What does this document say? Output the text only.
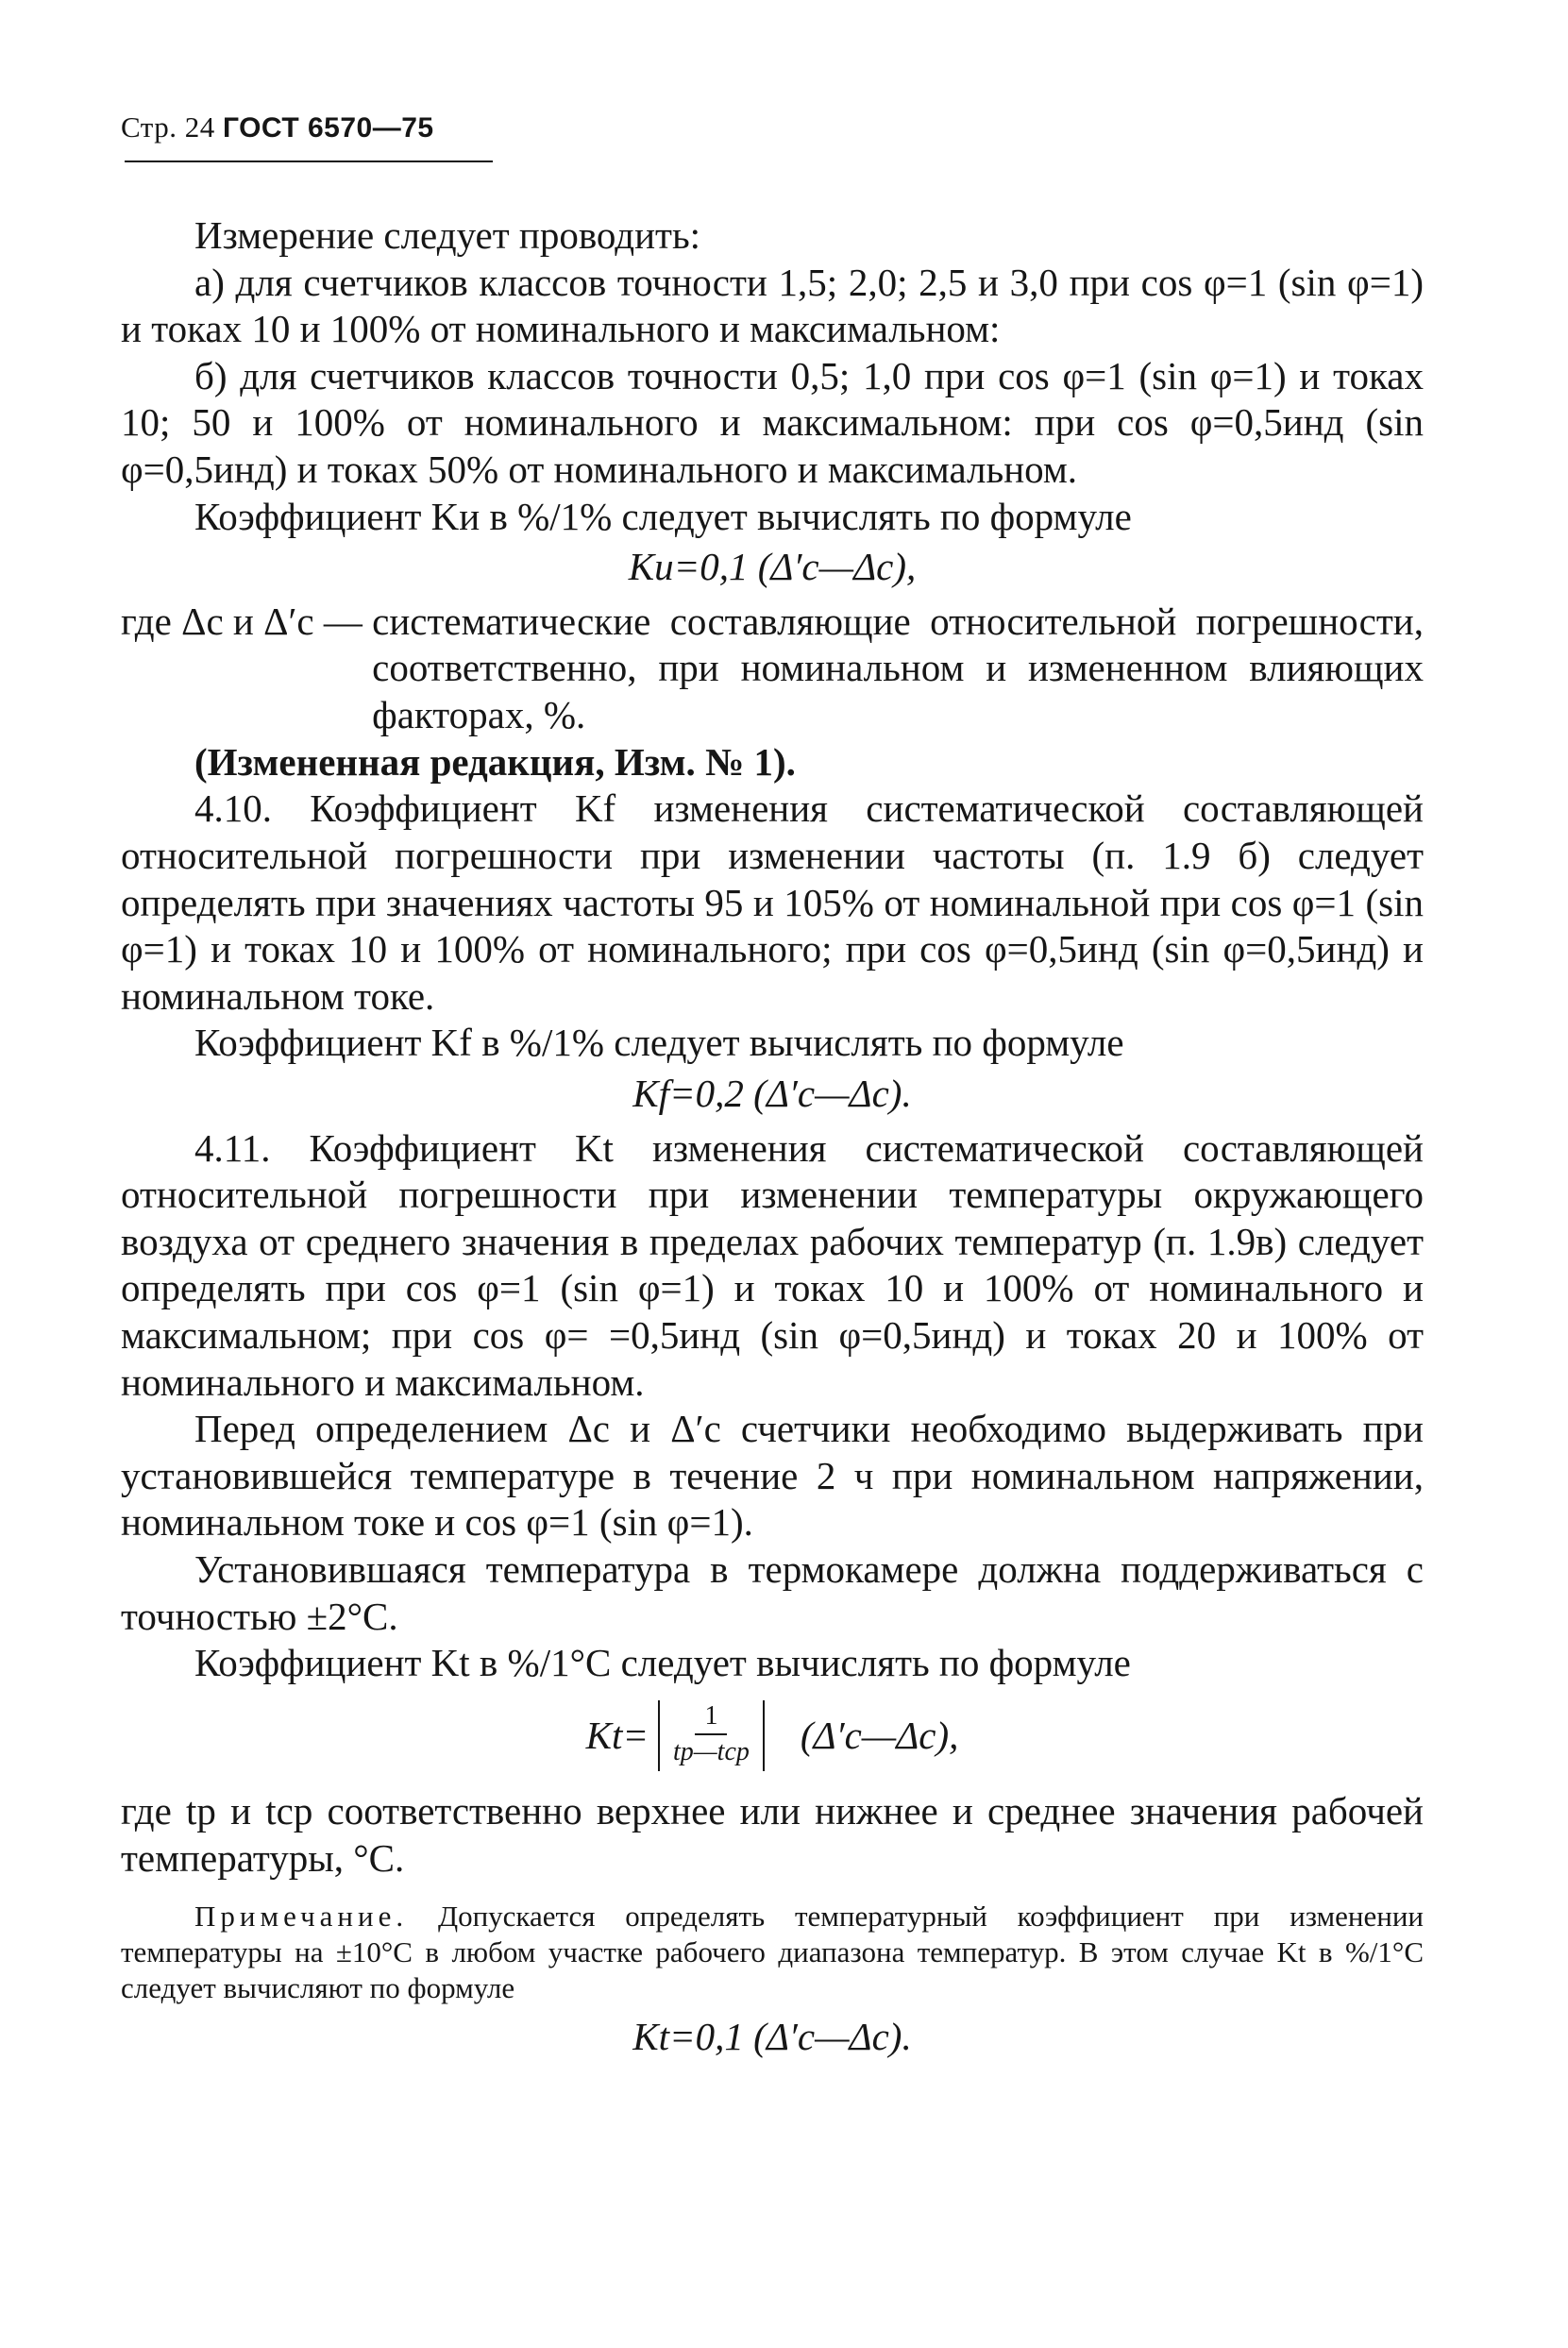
Стр. 24 ГОСТ 6570—75

Измерение следует проводить:

а) для счетчиков классов точности 1,5; 2,0; 2,5 и 3,0 при cos φ=1 (sin φ=1) и токах 10 и 100% от номинального и максимальном:

б) для счетчиков классов точности 0,5; 1,0 при cos φ=1 (sin φ=1) и токах 10; 50 и 100% от номинального и максимальном: при cos φ=0,5инд (sin φ=0,5инд) и токах 50% от номинального и максимальном.

Коэффициент Kи в %/1% следует вычислять по формуле

Kи=0,1 (Δ′c—Δc),

где Δc и Δ′c — систематические составляющие относительной погрешности, соответственно, при номинальном и измененном влияющих факторах, %.

(Измененная редакция, Изм. № 1).

4.10. Коэффициент Kf изменения систематической составляющей относительной погрешности при изменении частоты (п. 1.9 б) следует определять при значениях частоты 95 и 105% от номинальной при cos φ=1 (sin φ=1) и токах 10 и 100% от номинального; при cos φ=0,5инд (sin φ=0,5инд) и номинальном токе.

Коэффициент Kf в %/1% следует вычислять по формуле

Kf=0,2 (Δ′c—Δc).

4.11. Коэффициент Kt изменения систематической составляющей относительной погрешности при изменении температуры окружающего воздуха от среднего значения в пределах рабочих температур (п. 1.9в) следует определять при cos φ=1 (sin φ=1) и токах 10 и 100% от номинального и максимальном; при cos φ= =0,5инд (sin φ=0,5инд) и токах 20 и 100% от номинального и максимальном.

Перед определением Δc и Δ′c счетчики необходимо выдерживать при установившейся температуре в течение 2 ч при номинальном напряжении, номинальном токе и cos φ=1 (sin φ=1).

Установившаяся температура в термокамере должна поддерживаться с точностью ±2°С.

Коэффициент Kt в %/1°С следует вычислять по формуле

$Kt= \frac{1}{\text{tp—tcp}}$ (Δ′c—Δc),

где tp и tcp соответственно верхнее или нижнее и среднее значения рабочей температуры, °С.

Примечание. Допускается определять температурный коэффициент при изменении температуры на ±10°С в любом участке рабочего диапазона температур. В этом случае Kt в %/1°С следует вычисляют по формуле

Kt=0,1 (Δ′c—Δc).
